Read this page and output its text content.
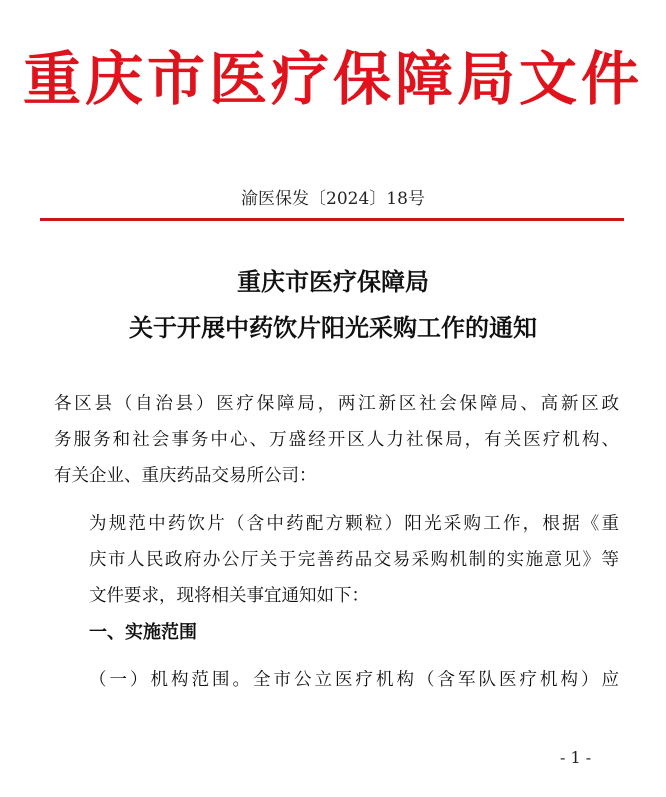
重庆市医疗保障局文件
渝医保发〔2024〕18号
重庆市医疗保障局
关于开展中药饮片阳光采购工作的通知
各区县（自治县）医疗保障局，两江新区社会保障局、高新区政
务服务和社会事务中心、万盛经开区人力社保局，有关医疗机构、
有关企业、重庆药品交易所公司：
为规范中药饮片（含中药配方颗粒）阳光采购工作，根据《重
庆市人民政府办公厅关于完善药品交易采购机制的实施意见》等
文件要求，现将相关事宜通知如下：
一、实施范围
（一）机构范围。全市公立医疗机构（含军队医疗机构）应
- 1 -
